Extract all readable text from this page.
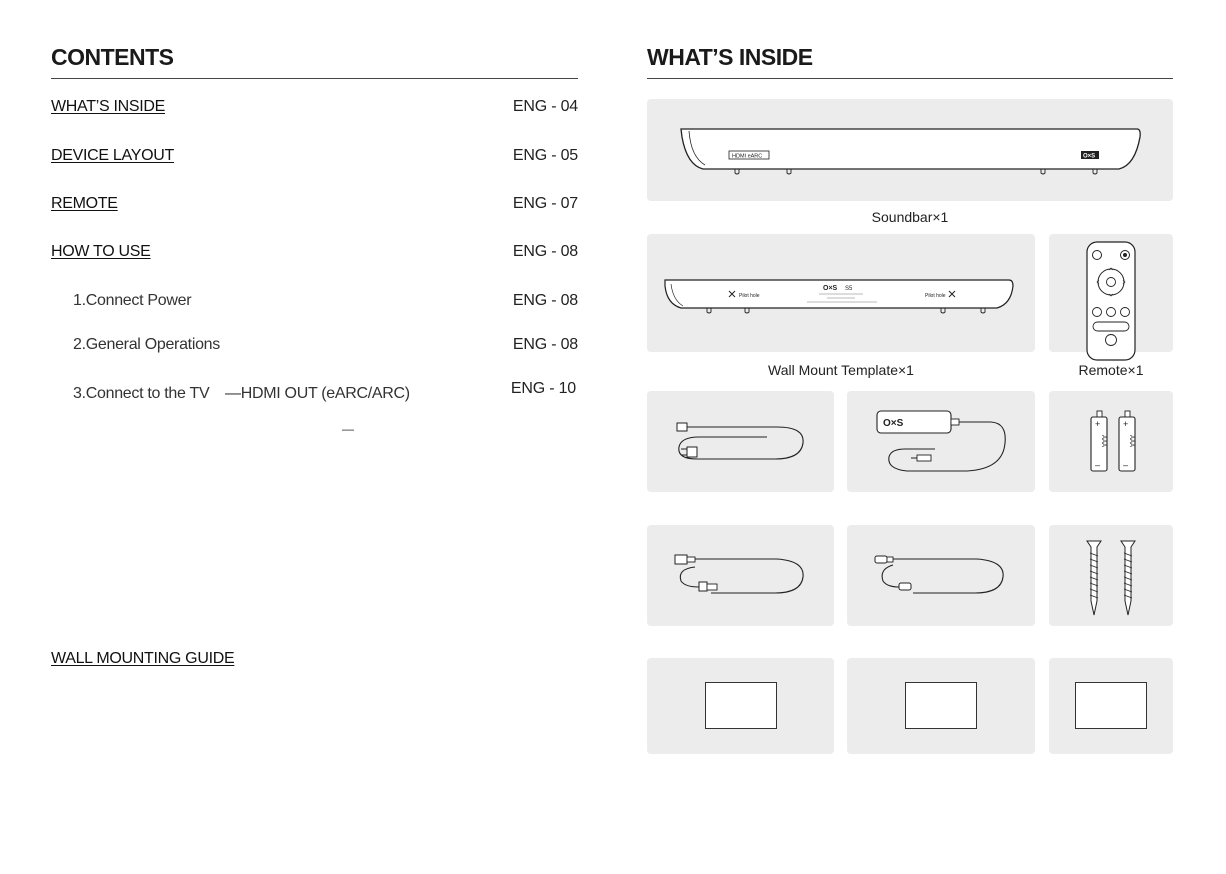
CONTENTS
WHAT’S INSIDE	ENG - 04
DEVICE LAYOUT	ENG - 05
REMOTE	ENG - 07
HOW TO USE	ENG - 08
1.Connect Power	ENG - 08
2.General Operations	ENG - 08
3.Connect to the TV　—HDMI OUT (eARC/ARC)	ENG - 10
—
WALL MOUNTING GUIDE
WHAT’S INSIDE
HDMI eARC	O×S
Soundbar×1
O×S S5
Pilot hole	Pilot hole
Wall Mount Template×1	Remote×1
O×S	+
–
AAA
+
–
AAA
